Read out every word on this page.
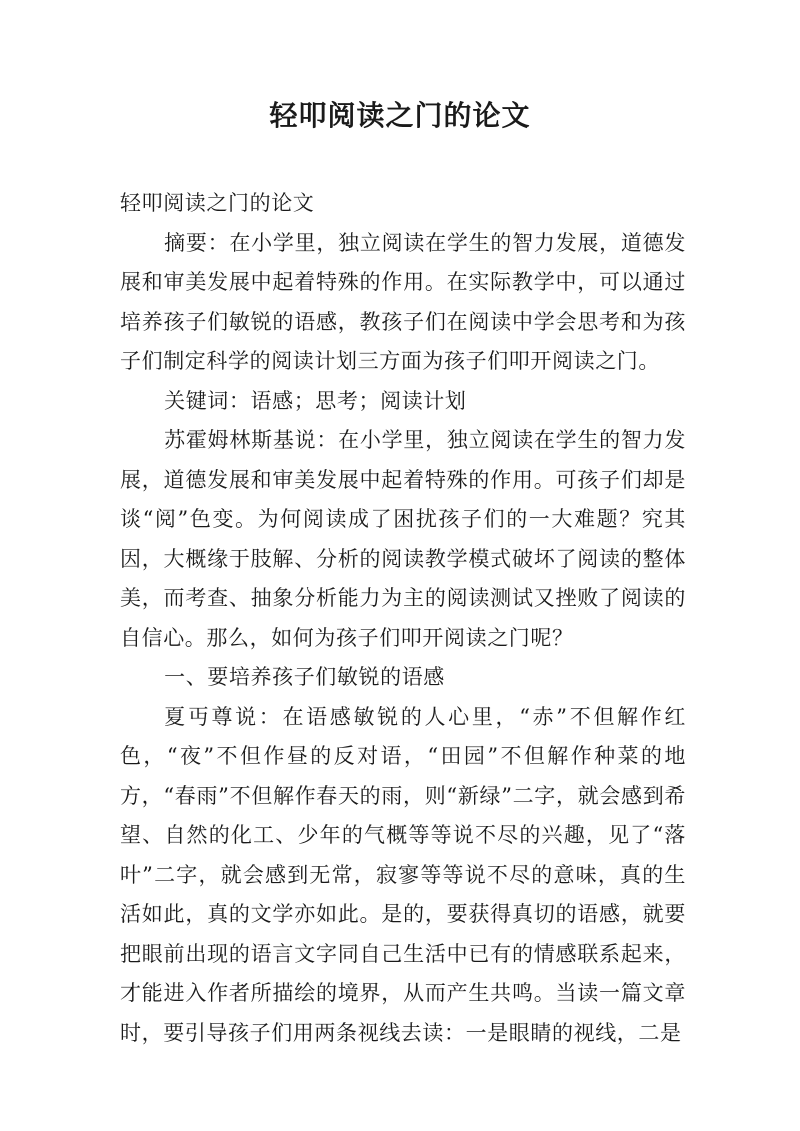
轻叩阅读之门的论文

轻叩阅读之门的论文

摘要：在小学里，独立阅读在学生的智力发展，道德发展和审美发展中起着特殊的作用。在实际教学中，可以通过培养孩子们敏锐的语感，教孩子们在阅读中学会思考和为孩子们制定科学的阅读计划三方面为孩子们叩开阅读之门。

关键词：语感；思考；阅读计划

苏霍姆林斯基说：在小学里，独立阅读在学生的智力发展，道德发展和审美发展中起着特殊的作用。可孩子们却是谈“阅”色变。为何阅读成了困扰孩子们的一大难题？究其因，大概缘于肢解、分析的阅读教学模式破坏了阅读的整体美，而考查、抽象分析能力为主的阅读测试又挫败了阅读的自信心。那么，如何为孩子们叩开阅读之门呢？

一、要培养孩子们敏锐的语感

夏丏尊说：在语感敏锐的人心里，“赤”不但解作红色，“夜”不但作昼的反对语，“田园”不但解作种菜的地方，“春雨”不但解作春天的雨，则“新绿”二字，就会感到希望、自然的化工、少年的气概等等说不尽的兴趣，见了“落叶”二字，就会感到无常，寂寥等等说不尽的意味，真的生活如此，真的文学亦如此。是的，要获得真切的语感，就要把眼前出现的语言文字同自己生活中已有的情感联系起来，才能进入作者所描绘的境界，从而产生共鸣。当读一篇文章时，要引导孩子们用两条视线去读：一是眼睛的视线，二是
